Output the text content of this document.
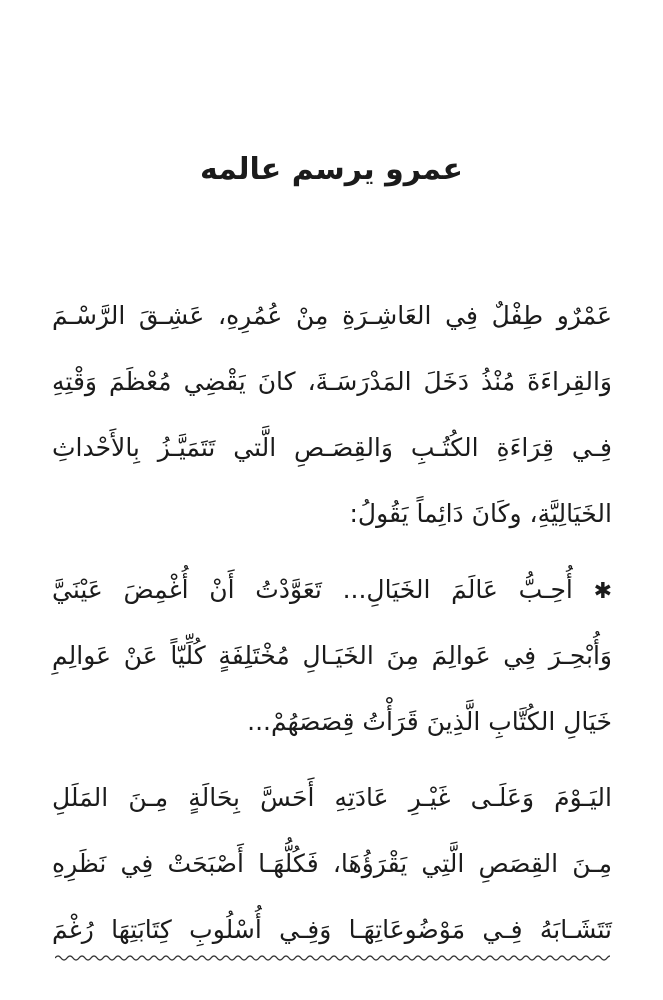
عمرو يرسم عالمه
عَمْرٌو طِفْلٌ فِي العَاشِـرَةِ مِنْ عُمُرِهِ، عَشِـقَ الرَّسْـمَ
وَالقِراءَةَ مُنْذُ دَخَلَ المَدْرَسَـةَ، كانَ يَقْضِي مُعْظَمَ وَقْتِهِ
فِـي قِرَاءَةِ الكُتُـبِ وَالقِصَـصِ الَّتي تَتَمَيَّـزُ بِالأَحْداثِ
الخَيَالِيَّةِ، وكَانَ دَائِماً يَقُولُ:
✱ أُحِـبُّ عَالَمَ الخَيَالِ... تَعَوَّدْتُ أَنْ أُغْمِضَ عَيْنَيَّ
وَأُبْحِـرَ فِي عَوالِمَ مِنَ الخَيَـالِ مُخْتَلِفَةٍ كُلِّيّاً عَنْ عَوالِمِ
خَيَالِ الكُتَّابِ الَّذِينَ قَرَأْتُ قِصَصَهُمْ...
اليَـوْمَ وَعَلَـى غَيْـرِ عَادَتِهِ أَحَسَّ بِحَالَةٍ مِـنَ المَلَلِ
مِـنَ القِصَصِ الَّتِي يَقْرَؤُهَا، فَكُلُّهَـا أَصْبَحَتْ فِي نَظَرِهِ
تَتَشَـابَهُ فِـي مَوْضُوعَاتِهَـا وَفِـي أُسْلُوبِ كِتَابَتِهَا رُغْمَ
